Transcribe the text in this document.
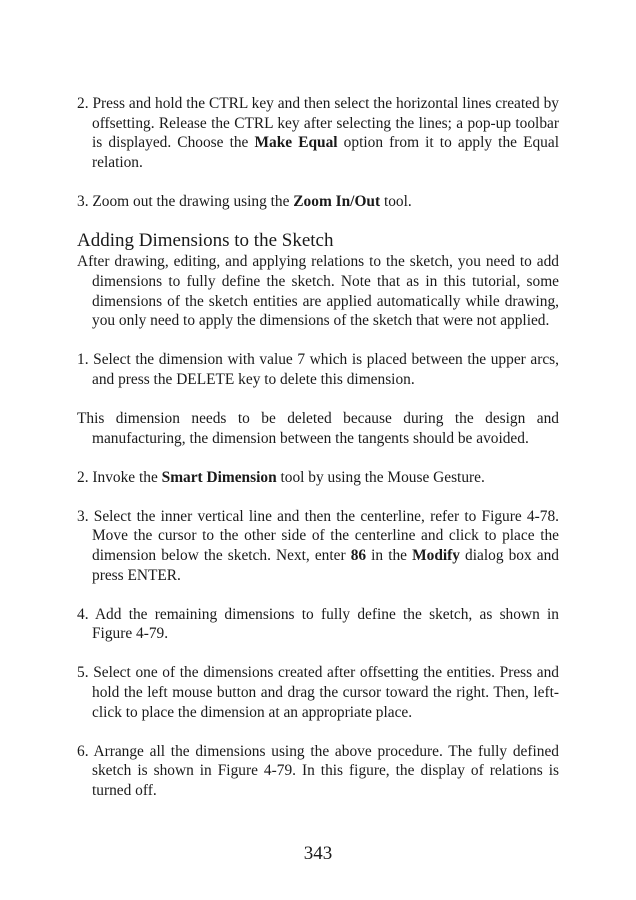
2. Press and hold the CTRL key and then select the horizontal lines created by offsetting. Release the CTRL key after selecting the lines; a pop-up toolbar is displayed. Choose the Make Equal option from it to apply the Equal relation.

3. Zoom out the drawing using the Zoom In/Out tool.

Adding Dimensions to the Sketch

After drawing, editing, and applying relations to the sketch, you need to add dimensions to fully define the sketch. Note that as in this tutorial, some dimensions of the sketch entities are applied automatically while drawing, you only need to apply the dimensions of the sketch that were not applied.

1. Select the dimension with value 7 which is placed between the upper arcs, and press the DELETE key to delete this dimension.

This dimension needs to be deleted because during the design and manufacturing, the dimension between the tangents should be avoided.

2. Invoke the Smart Dimension tool by using the Mouse Gesture.

3. Select the inner vertical line and then the centerline, refer to Figure 4-78. Move the cursor to the other side of the centerline and click to place the dimension below the sketch. Next, enter 86 in the Modify dialog box and press ENTER.

4. Add the remaining dimensions to fully define the sketch, as shown in Figure 4-79.

5. Select one of the dimensions created after offsetting the entities. Press and hold the left mouse button and drag the cursor toward the right. Then, left-click to place the dimension at an appropriate place.

6. Arrange all the dimensions using the above procedure. The fully defined sketch is shown in Figure 4-79. In this figure, the display of relations is turned off.

343
